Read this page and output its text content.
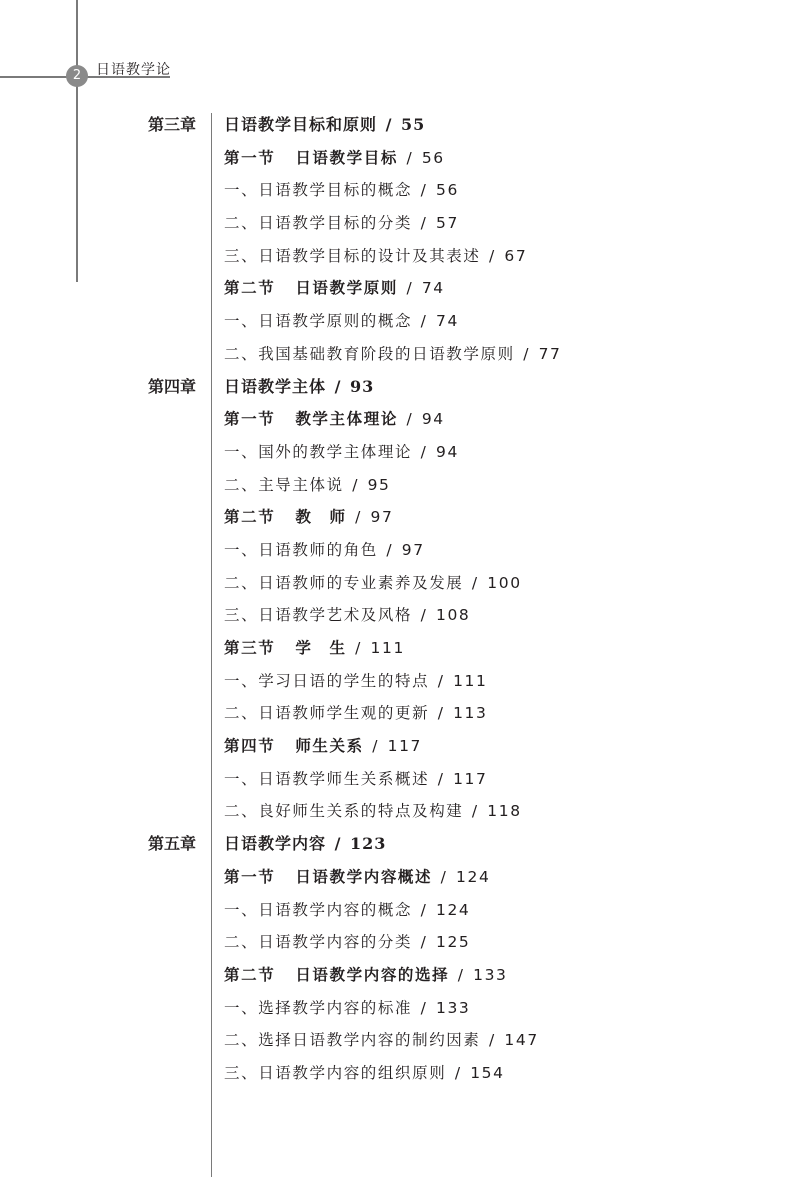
2	日语教学论
第三章 日语教学目标和原则 / 55
第一节 日语教学目标 / 56
一、日语教学目标的概念 / 56
二、日语教学目标的分类 / 57
三、日语教学目标的设计及其表述 / 67
第二节 日语教学原则 / 74
一、日语教学原则的概念 / 74
二、我国基础教育阶段的日语教学原则 / 77
第四章 日语教学主体 / 93
第一节 教学主体理论 / 94
一、国外的教学主体理论 / 94
二、主导主体说 / 95
第二节 教　师 / 97
一、日语教师的角色 / 97
二、日语教师的专业素养及发展 / 100
三、日语教学艺术及风格 / 108
第三节 学　生 / 111
一、学习日语的学生的特点 / 111
二、日语教师学生观的更新 / 113
第四节 师生关系 / 117
一、日语教学师生关系概述 / 117
二、良好师生关系的特点及构建 / 118
第五章 日语教学内容 / 123
第一节 日语教学内容概述 / 124
一、日语教学内容的概念 / 124
二、日语教学内容的分类 / 125
第二节 日语教学内容的选择 / 133
一、选择教学内容的标准 / 133
二、选择日语教学内容的制约因素 / 147
三、日语教学内容的组织原则 / 154
